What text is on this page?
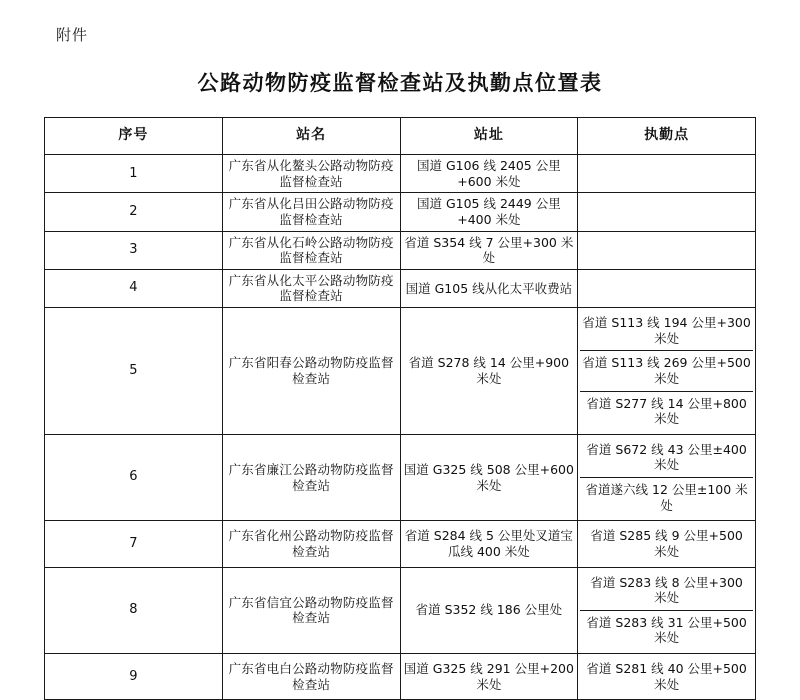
附件
公路动物防疫监督检查站及执勤点位置表
序号	站名	站址	执勤点
1	广东省从化鳌头公路动物防疫监督检查站	国道 G106 线 2405 公里+600 米处	

2	广东省从化吕田公路动物防疫监督检查站	国道 G105 线 2449 公里+400 米处	

3	广东省从化石岭公路动物防疫监督检查站	省道 S354 线 7 公里+300 米处	

4	广东省从化太平公路动物防疫监督检查站	国道 G105 线从化太平收费站	

5	广东省阳春公路动物防疫监督检查站	省道 S278 线 14 公里+900 米处	省道 S113 线 194 公里+300 米处
省道 S113 线 269 公里+500 米处
省道 S277 线 14 公里+800 米处

6	广东省廉江公路动物防疫监督检查站	国道 G325 线 508 公里+600 米处	省道 S672 线 43 公里±400 米处
省道遂六线 12 公里±100 米处

7	广东省化州公路动物防疫监督检查站	省道 S284 线 5 公里处叉道宝瓜线 400 米处	省道 S285 线 9 公里+500 米处

8	广东省信宜公路动物防疫监督检查站	省道 S352 线 186 公里处	省道 S283 线 8 公里+300 米处
省道 S283 线 31 公里+500 米处

9	广东省电白公路动物防疫监督检查站	国道 G325 线 291 公里+200 米处	省道 S281 线 40 公里+500 米处
